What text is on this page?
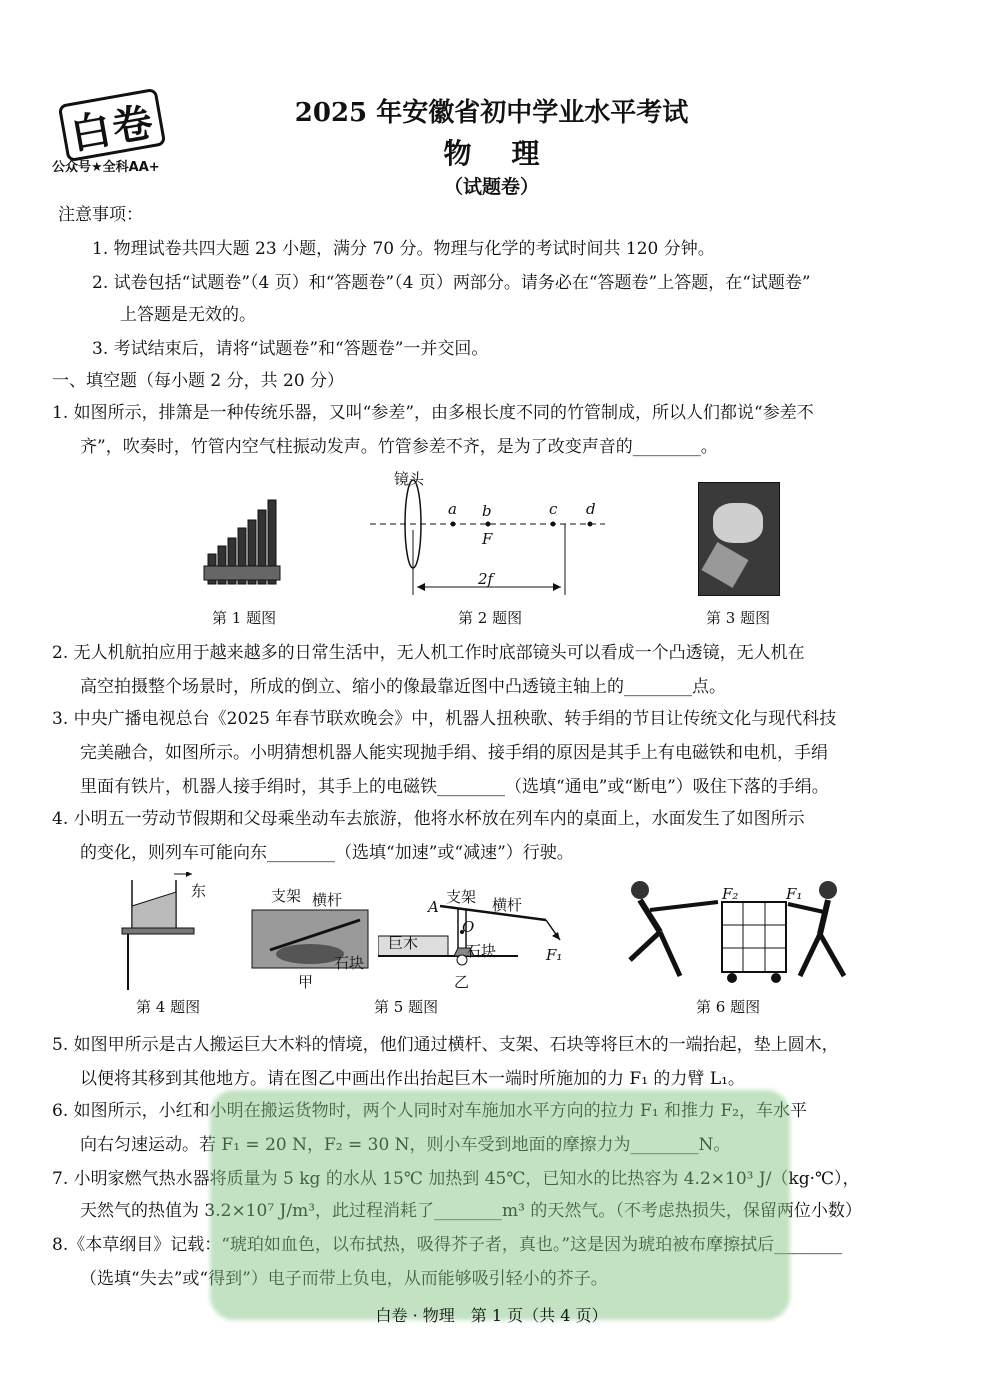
白卷
公众号★全科AA+
2025 年安徽省初中学业水平考试
物理
（试题卷）
注意事项：
1. 物理试卷共四大题 23 小题，满分 70 分。物理与化学的考试时间共 120 分钟。
2. 试卷包括“试题卷”（4 页）和“答题卷”（4 页）两部分。请务必在“答题卷”上答题，在“试题卷”
上答题是无效的。
3. 考试结束后，请将“试题卷”和“答题卷”一并交回。
一、填空题（每小题 2 分，共 20 分）
1. 如图所示，排箫是一种传统乐器，又叫“参差”，由多根长度不同的竹管制成，所以人们都说“参差不
齐”，吹奏时，竹管内空气柱振动发声。竹管参差不齐，是为了改变声音的________。
第 1 题图
镜头
a b	c d
F
2f
第 2 题图	第 3 题图
2. 无人机航拍应用于越来越多的日常生活中，无人机工作时底部镜头可以看成一个凸透镜，无人机在
高空拍摄整个场景时，所成的倒立、缩小的像最靠近图中凸透镜主轴上的________点。
3. 中央广播电视总台《2025 年春节联欢晚会》中，机器人扭秧歌、转手绢的节目让传统文化与现代科技
完美融合，如图所示。小明猜想机器人能实现抛手绢、接手绢的原因是其手上有电磁铁和电机，手绢
里面有铁片，机器人接手绢时，其手上的电磁铁________（选填“通电”或“断电”）吸住下落的手绢。
4. 小明五一劳动节假期和父母乘坐动车去旅游，他将水杯放在列车内的桌面上，水面发生了如图所示
的变化，则列车可能向东________（选填“加速”或“减速”）行驶。
东
第 4 题图
支架 横杆
石块
甲
支架 横杆
A
O
巨木	石块	F₁
乙
第 5 题图
F₂	F₁
第 6 题图
5. 如图甲所示是古人搬运巨大木料的情境，他们通过横杆、支架、石块等将巨木的一端抬起，垫上圆木，
以便将其移到其他地方。请在图乙中画出作出抬起巨木一端时所施加的力 F₁ 的力臂 L₁。
6. 如图所示，小红和小明在搬运货物时，两个人同时对车施加水平方向的拉力 F₁ 和推力 F₂，车水平
向右匀速运动。若 F₁ = 20 N，F₂ = 30 N，则小车受到地面的摩擦力为________N。
7. 小明家燃气热水器将质量为 5 kg 的水从 15℃ 加热到 45℃，已知水的比热容为 4.2×10³ J/（kg·℃），
天然气的热值为 3.2×10⁷ J/m³，此过程消耗了________m³ 的天然气。（不考虑热损失，保留两位小数）
8.《本草纲目》记载：“琥珀如血色，以布拭热，吸得芥子者，真也。”这是因为琥珀被布摩擦拭后________
（选填“失去”或“得到”）电子而带上负电，从而能够吸引轻小的芥子。
白卷 · 物理　第 1 页（共 4 页）
